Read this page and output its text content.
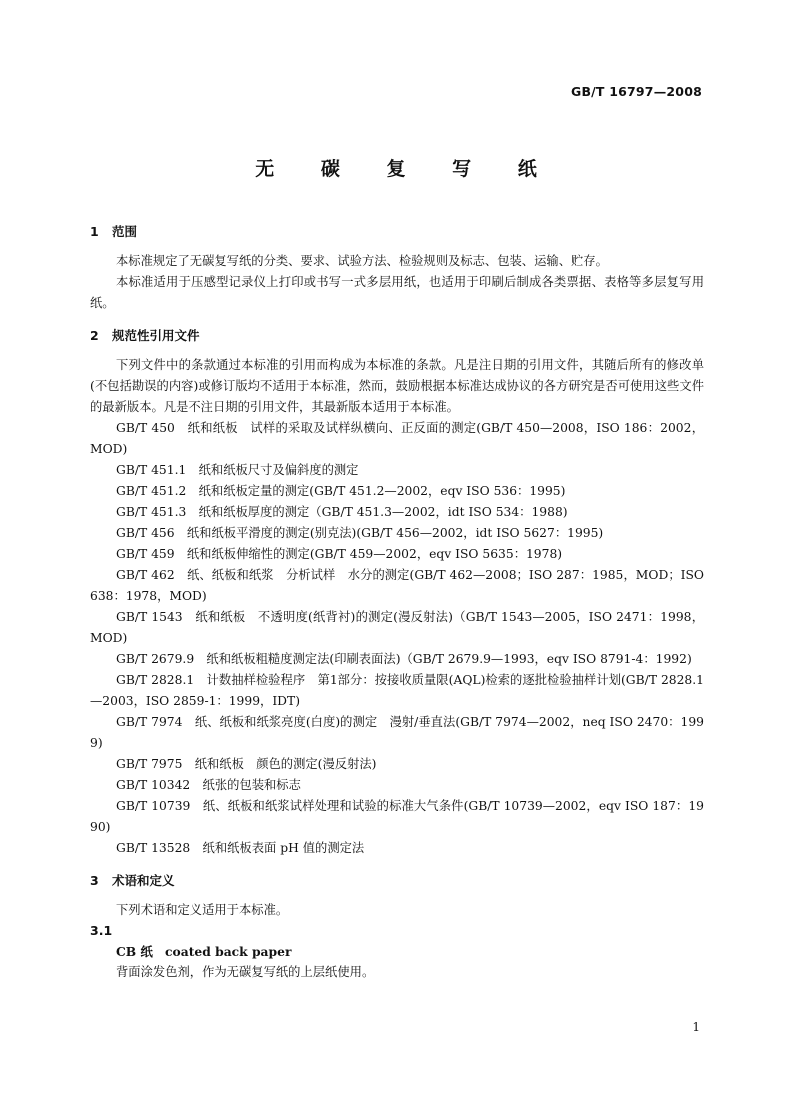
GB/T 16797—2008
无 碳 复 写 纸
1 范围

本标准规定了无碳复写纸的分类、要求、试验方法、检验规则及标志、包装、运输、贮存。

本标准适用于压感型记录仪上打印或书写一式多层用纸，也适用于印刷后制成各类票据、表格等多层复写用纸。

2 规范性引用文件

下列文件中的条款通过本标准的引用而构成为本标准的条款。凡是注日期的引用文件，其随后所有的修改单(不包括勘误的内容)或修订版均不适用于本标准，然而，鼓励根据本标准达成协议的各方研究是否可使用这些文件的最新版本。凡是不注日期的引用文件，其最新版本适用于本标准。

GB/T 450　纸和纸板　试样的采取及试样纵横向、正反面的测定(GB/T 450—2008，ISO 186：2002，MOD)

GB/T 451.1　纸和纸板尺寸及偏斜度的测定

GB/T 451.2　纸和纸板定量的测定(GB/T 451.2—2002，eqv ISO 536：1995)

GB/T 451.3　纸和纸板厚度的测定（GB/T 451.3—2002，idt ISO 534：1988)

GB/T 456　纸和纸板平滑度的测定(别克法)(GB/T 456—2002，idt ISO 5627：1995)

GB/T 459　纸和纸板伸缩性的测定(GB/T 459—2002，eqv ISO 5635：1978)

GB/T 462　纸、纸板和纸浆　分析试样　水分的测定(GB/T 462—2008；ISO 287：1985，MOD；ISO 638：1978，MOD)

GB/T 1543　纸和纸板　不透明度(纸背衬)的测定(漫反射法)（GB/T 1543—2005，ISO 2471：1998，MOD)

GB/T 2679.9　纸和纸板粗糙度测定法(印刷表面法)（GB/T 2679.9—1993，eqv ISO 8791-4：1992)

GB/T 2828.1　计数抽样检验程序　第1部分：按接收质量限(AQL)检索的逐批检验抽样计划(GB/T 2828.1—2003，ISO 2859-1：1999，IDT)

GB/T 7974　纸、纸板和纸浆亮度(白度)的测定　漫射/垂直法(GB/T 7974—2002，neq ISO 2470：1999)

GB/T 7975　纸和纸板　颜色的测定(漫反射法)

GB/T 10342　纸张的包装和标志

GB/T 10739　纸、纸板和纸浆试样处理和试验的标准大气条件(GB/T 10739—2002，eqv ISO 187：1990)

GB/T 13528　纸和纸板表面 pH 值的测定法

3 术语和定义

下列术语和定义适用于本标准。

3.1
CB 纸　coated back paper

背面涂发色剂，作为无碳复写纸的上层纸使用。

1
